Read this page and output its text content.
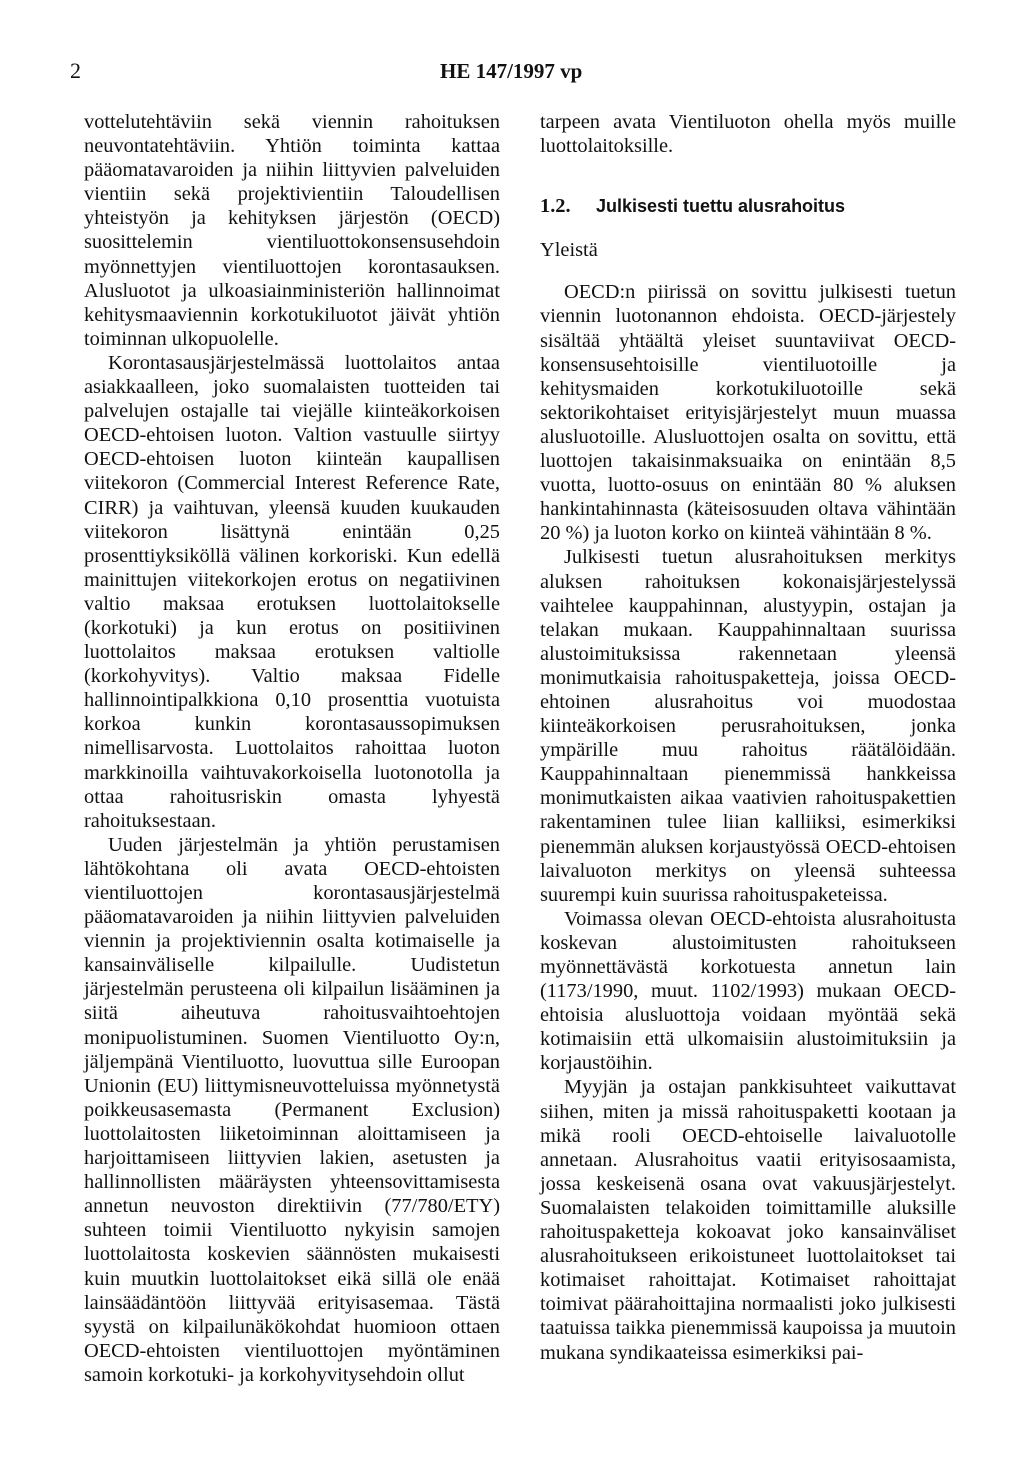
2	HE 147/1997 vp

vottelutehtäviin sekä viennin rahoituksen neuvontatehtäviin. Yhtiön toiminta kattaa pääomatavaroiden ja niihin liittyvien palveluiden vientiin sekä projektivientiin Taloudellisen yhteistyön ja kehityksen järjestön (OECD) suosittelemin vientiluottokonsensusehdoin myönnettyjen vientiluottojen korontasauksen. Alusluotot ja ulkoasiainministeriön hallinnoimat kehitysmaaviennin korkotukiluotot jäivät yhtiön toiminnan ulkopuolelle.

Korontasausjärjestelmässä luottolaitos antaa asiakkaalleen, joko suomalaisten tuotteiden tai palvelujen ostajalle tai viejälle kiinteäkorkoisen OECD-ehtoisen luoton. Valtion vastuulle siirtyy OECD-ehtoisen luoton kiinteän kaupallisen viitekoron (Commercial Interest Reference Rate, CIRR) ja vaihtuvan, yleensä kuuden kuukauden viitekoron lisättynä enintään 0,25 prosenttiyksiköllä välinen korkoriski. Kun edellä mainittujen viitekorkojen erotus on negatiivinen valtio maksaa erotuksen luottolaitokselle (korkotuki) ja kun erotus on positiivinen luottolaitos maksaa erotuksen valtiolle (korkohyvitys). Valtio maksaa Fidelle hallinnointipalkkiona 0,10 prosenttia vuotuista korkoa kunkin korontasaussopimuksen nimellisarvosta. Luottolaitos rahoittaa luoton markkinoilla vaihtuvakorkoisella luotonotolla ja ottaa rahoitusriskin omasta lyhyestä rahoituksestaan.

Uuden järjestelmän ja yhtiön perustamisen lähtökohtana oli avata OECD-ehtoisten vientiluottojen korontasausjärjestelmä pääomatavaroiden ja niihin liittyvien palveluiden viennin ja projektiviennin osalta kotimaiselle ja kansainväliselle kilpailulle. Uudistetun järjestelmän perusteena oli kilpailun lisääminen ja siitä aiheutuva rahoitusvaihtoehtojen monipuolistuminen. Suomen Vientiluotto Oy:n, jäljempänä Vientiluotto, luovuttua sille Euroopan Unionin (EU) liittymisneuvotteluissa myönnetystä poikkeusasemasta (Permanent Exclusion) luottolaitosten liiketoiminnan aloittamiseen ja harjoittamiseen liittyvien lakien, asetusten ja hallinnollisten määräysten yhteensovittamisesta annetun neuvoston direktiivin (77/780/ETY) suhteen toimii Vientiluotto nykyisin samojen luottolaitosta koskevien säännösten mukaisesti kuin muutkin luottolaitokset eikä sillä ole enää lainsäädäntöön liittyvää erityisasemaa. Tästä syystä on kilpailunäkökohdat huomioon ottaen OECD-ehtoisten vientiluottojen myöntäminen samoin korkotuki- ja korkohyvitysehdoin ollut

tarpeen avata Vientiluoton ohella myös muille luottolaitoksille.

1.2.	Julkisesti tuettu alusrahoitus
Yleistä

OECD:n piirissä on sovittu julkisesti tuetun viennin luotonannon ehdoista. OECD-järjestely sisältää yhtäältä yleiset suuntaviivat OECD-konsensusehtoisille vientiluotoille ja kehitysmaiden korkotukiluotoille sekä sektorikohtaiset erityisjärjestelyt muun muassa alusluotoille. Alusluottojen osalta on sovittu, että luottojen takaisinmaksuaika on enintään 8,5 vuotta, luotto-osuus on enintään 80 % aluksen hankintahinnasta (käteisosuuden oltava vähintään 20 %) ja luoton korko on kiinteä vähintään 8 %.

Julkisesti tuetun alusrahoituksen merkitys aluksen rahoituksen kokonaisjärjestelyssä vaihtelee kauppahinnan, alustyypin, ostajan ja telakan mukaan. Kauppahinnaltaan suurissa alustoimituksissa rakennetaan yleensä monimutkaisia rahoituspaketteja, joissa OECD-ehtoinen alusrahoitus voi muodostaa kiinteäkorkoisen perusrahoituksen, jonka ympärille muu rahoitus räätälöidään. Kauppahinnaltaan pienemmissä hankkeissa monimutkaisten aikaa vaativien rahoituspakettien rakentaminen tulee liian kalliiksi, esimerkiksi pienemmän aluksen korjaustyössä OECD-ehtoisen laivaluoton merkitys on yleensä suhteessa suurempi kuin suurissa rahoituspaketeissa.

Voimassa olevan OECD-ehtoista alusrahoitusta koskevan alustoimitusten rahoitukseen myönnettävästä korkotuesta annetun lain (1173/1990, muut. 1102/1993) mukaan OECD-ehtoisia alusluottoja voidaan myöntää sekä kotimaisiin että ulkomaisiin alustoimituksiin ja korjaustöihin.

Myyjän ja ostajan pankkisuhteet vaikuttavat siihen, miten ja missä rahoituspaketti kootaan ja mikä rooli OECD-ehtoiselle laivaluotolle annetaan. Alusrahoitus vaatii erityisosaamista, jossa keskeisenä osana ovat vakuusjärjestelyt. Suomalaisten telakoiden toimittamille aluksille rahoituspaketteja kokoavat joko kansainväliset alusrahoitukseen erikoistuneet luottolaitokset tai kotimaiset rahoittajat. Kotimaiset rahoittajat toimivat päärahoittajina normaalisti joko julkisesti taatuissa taikka pienemmissä kaupoissa ja muutoin mukana syndikaateissa esimerkiksi pai-
